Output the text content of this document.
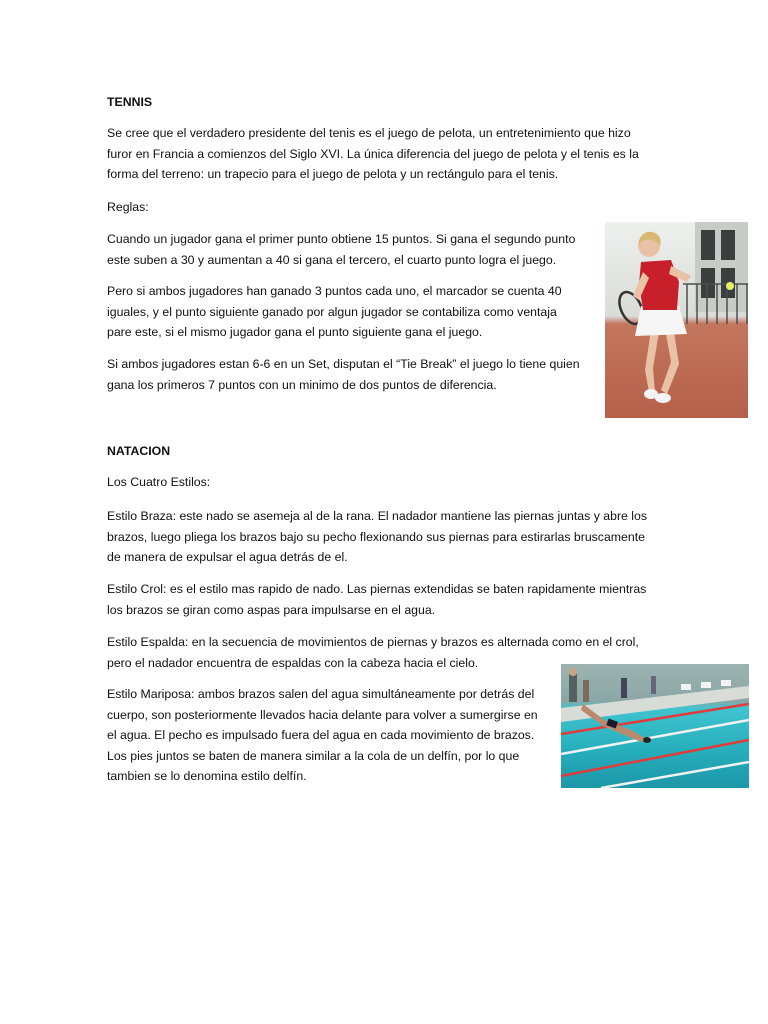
TENNIS

Se cree que el verdadero presidente del tenis es el juego de pelota, un entretenimiento que hizo
furor en Francia a comienzos del Siglo XVI. La única diferencia del juego de pelota y el tenis es la
forma del terreno: un trapecio para el juego de pelota y un rectángulo para el tenis.

Reglas:

Cuando un jugador gana el primer punto obtiene 15 puntos. Si gana el segundo punto
este suben a 30 y aumentan a 40 si gana el tercero, el cuarto punto logra el juego.

Pero si ambos jugadores han ganado 3 puntos cada uno, el marcador se cuenta 40
iguales, y el punto siguiente ganado por algun jugador se contabiliza como ventaja
pare este, si el mismo jugador gana el punto siguiente gana el juego.

Si ambos jugadores estan 6-6 en un Set, disputan el “Tie Break” el juego lo tiene quien
gana los primeros 7 puntos con un minimo de dos puntos de diferencia.

NATACION

Los Cuatro Estilos:

Estilo Braza: este nado se asemeja al de la rana. El nadador mantiene las piernas juntas y abre los
brazos, luego pliega los brazos bajo su pecho flexionando sus piernas para estirarlas bruscamente
de manera de expulsar el agua detrás de el.

Estilo Crol: es el estilo mas rapido de nado. Las piernas extendidas se baten rapidamente mientras
los brazos se giran como aspas para impulsarse en el agua.

Estilo Espalda: en la secuencia de movimientos de piernas y brazos es alternada como en el crol,
pero el nadador encuentra de espaldas con la cabeza hacia el cielo.

Estilo Mariposa: ambos brazos salen del agua simultáneamente por detrás del
cuerpo, son posteriormente llevados hacia delante para volver a sumergirse en
el agua. El pecho es impulsado fuera del agua en cada movimiento de brazos.
Los pies juntos se baten de manera similar a la cola de un delfín, por lo que
tambien se lo denomina estilo delfín.
